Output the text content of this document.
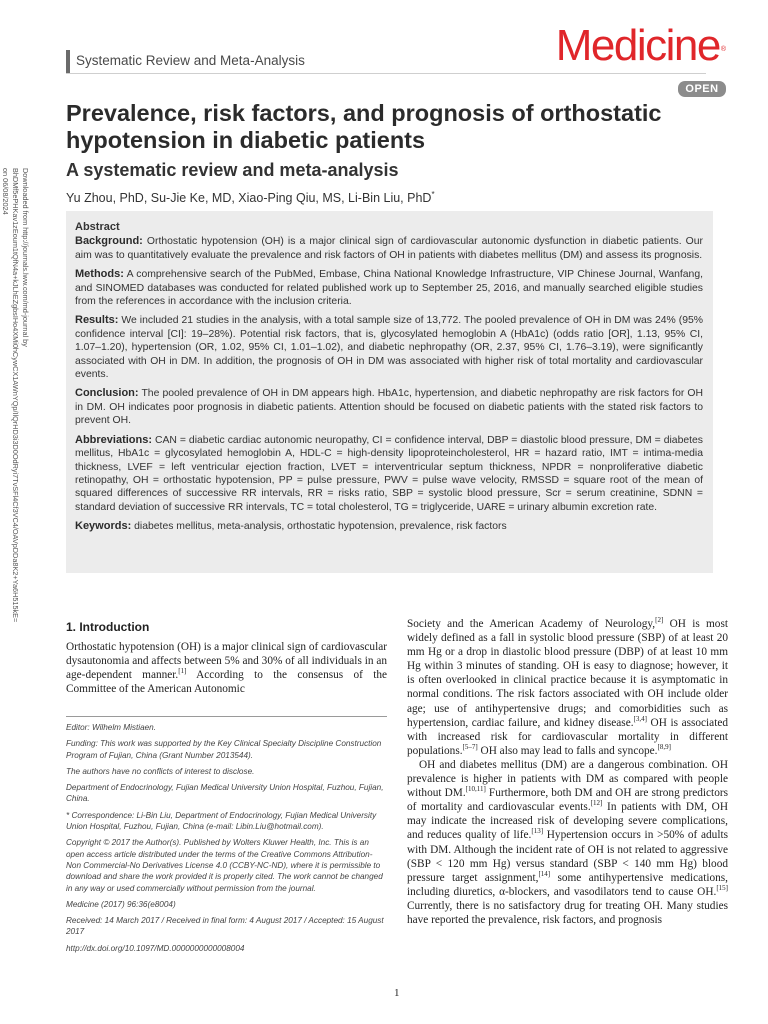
Systematic Review and Meta-Analysis	Medicine®
OPEN
Downloaded from http://journals.lww.com/md-journal by BhDMf5ePHKav1zEoum1tQfN4a+kJLhEZgbsIHo4XMi0hCywCX1AWnYQp/IlQrHD3i3D0OdRyi7TvSFl4Cf3VC4/OAVpDDa8K2+Ya6H515kE= on 06/08/2024
Prevalence, risk factors, and prognosis of orthostatic hypotension in diabetic patients
A systematic review and meta-analysis
Yu Zhou, PhD, Su-Jie Ke, MD, Xiao-Ping Qiu, MS, Li-Bin Liu, PhD*
Abstract

Background: Orthostatic hypotension (OH) is a major clinical sign of cardiovascular autonomic dysfunction in diabetic patients. Our aim was to quantitatively evaluate the prevalence and risk factors of OH in patients with diabetes mellitus (DM) and assess its prognosis.

Methods: A comprehensive search of the PubMed, Embase, China National Knowledge Infrastructure, VIP Chinese Journal, Wanfang, and SINOMED databases was conducted for related published work up to September 25, 2016, and manually searched eligible studies from the references in accordance with the inclusion criteria.

Results: We included 21 studies in the analysis, with a total sample size of 13,772. The pooled prevalence of OH in DM was 24% (95% confidence interval [CI]: 19–28%). Potential risk factors, that is, glycosylated hemoglobin A (HbA1c) (odds ratio [OR], 1.13, 95% CI, 1.07–1.20), hypertension (OR, 1.02, 95% CI, 1.01–1.02), and diabetic nephropathy (OR, 2.37, 95% CI, 1.76–3.19), were significantly associated with OH in DM. In addition, the prognosis of OH in DM was associated with higher risk of total mortality and cardiovascular events.

Conclusion: The pooled prevalence of OH in DM appears high. HbA1c, hypertension, and diabetic nephropathy are risk factors for OH in DM. OH indicates poor prognosis in diabetic patients. Attention should be focused on diabetic patients with the stated risk factors to prevent OH.

Abbreviations: CAN = diabetic cardiac autonomic neuropathy, CI = confidence interval, DBP = diastolic blood pressure, DM = diabetes mellitus, HbA1c = glycosylated hemoglobin A, HDL-C = high-density lipoproteincholesterol, HR = hazard ratio, IMT = intima-media thickness, LVEF = left ventricular ejection fraction, LVET = interventricular septum thickness, NPDR = nonproliferative diabetic retinopathy, OH = orthostatic hypotension, PP = pulse pressure, PWV = pulse wave velocity, RMSSD = square root of the mean of squared differences of successive RR intervals, RR = risks ratio, SBP = systolic blood pressure, Scr = serum creatinine, SDNN = standard deviation of successive RR intervals, TC = total cholesterol, TG = triglyceride, UARE = urinary albumin excretion rate.

Keywords: diabetes mellitus, meta-analysis, orthostatic hypotension, prevalence, risk factors

1. Introduction

Orthostatic hypotension (OH) is a major clinical sign of cardiovascular dysautonomia and affects between 5% and 30% of all individuals in an age-dependent manner.[1] According to the consensus of the Committee of the American Autonomic

Editor: Wilhelm Mistiaen.

Funding: This work was supported by the Key Clinical Specialty Discipline Construction Program of Fujian, China (Grant Number 2013544).

The authors have no conflicts of interest to disclose.

Department of Endocrinology, Fujian Medical University Union Hospital, Fuzhou, Fujian, China.

* Correspondence: Li-Bin Liu, Department of Endocrinology, Fujian Medical University Union Hospital, Fuzhou, Fujian, China (e-mail: Libin.Liu@hotmail.com).

Copyright © 2017 the Author(s). Published by Wolters Kluwer Health, Inc. This is an open access article distributed under the terms of the Creative Commons Attribution-Non Commercial-No Derivatives License 4.0 (CCBY-NC-ND), where it is permissible to download and share the work provided it is properly cited. The work cannot be changed in any way or used commercially without permission from the journal.

Medicine (2017) 96:36(e8004)

Received: 14 March 2017 / Received in final form: 4 August 2017 / Accepted: 15 August 2017

http://dx.doi.org/10.1097/MD.0000000000008004

Society and the American Academy of Neurology,[2] OH is most widely defined as a fall in systolic blood pressure (SBP) of at least 20 mm Hg or a drop in diastolic blood pressure (DBP) of at least 10 mm Hg within 3 minutes of standing. OH is easy to diagnose; however, it is often overlooked in clinical practice because it is asymptomatic in normal conditions. The risk factors associated with OH include older age; use of antihypertensive drugs; and comorbidities such as hypertension, cardiac failure, and kidney disease.[3,4] OH is associated with increased risk for cardiovascular mortality in different populations.[5–7] OH also may lead to falls and syncope.[8,9]

OH and diabetes mellitus (DM) are a dangerous combination. OH prevalence is higher in patients with DM as compared with people without DM.[10,11] Furthermore, both DM and OH are strong predictors of mortality and cardiovascular events.[12] In patients with DM, OH may indicate the increased risk of developing severe complications, and reduces quality of life.[13] Hypertension occurs in >50% of adults with DM. Although the incident rate of OH is not related to aggressive (SBP < 120 mm Hg) versus standard (SBP < 140 mm Hg) blood pressure target assignment,[14] some antihypertensive medications, including diuretics, α-blockers, and vasodilators tend to cause OH.[15] Currently, there is no satisfactory drug for treating OH. Many studies have reported the prevalence, risk factors, and prognosis

1
